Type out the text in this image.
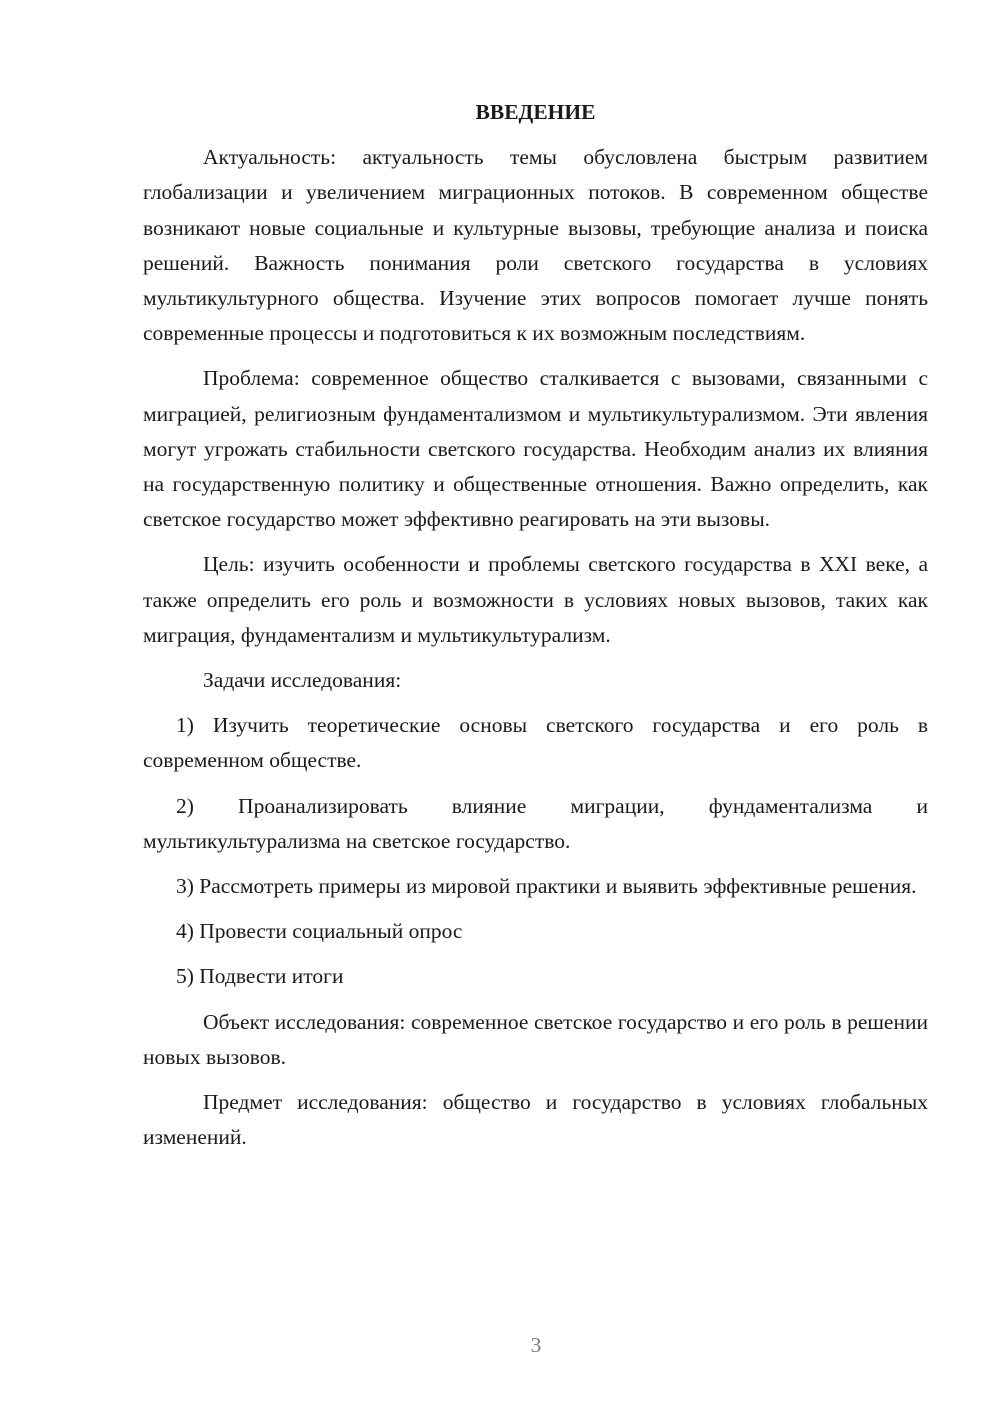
ВВЕДЕНИЕ

Актуальность: актуальность темы обусловлена быстрым развитием глобализации и увеличением миграционных потоков. В современном обществе возникают новые социальные и культурные вызовы, требующие анализа и поиска решений. Важность понимания роли светского государства в условиях мультикультурного общества. Изучение этих вопросов помогает лучше понять современные процессы и подготовиться к их возможным последствиям.

Проблема: современное общество сталкивается с вызовами, связанными с миграцией, религиозным фундаментализмом и мультикультурализмом. Эти явления могут угрожать стабильности светского государства. Необходим анализ их влияния на государственную политику и общественные отношения. Важно определить, как светское государство может эффективно реагировать на эти вызовы.

Цель: изучить особенности и проблемы светского государства в XXI веке, а также определить его роль и возможности в условиях новых вызовов, таких как миграция, фундаментализм и мультикультурализм.

Задачи исследования:

1) Изучить теоретические основы светского государства и его роль в современном обществе.

2) Проанализировать влияние миграции, фундаментализма и мультикультурализма на светское государство.

3) Рассмотреть примеры из мировой практики и выявить эффективные решения.

4) Провести социальный опрос

5) Подвести итоги

Объект исследования: современное светское государство и его роль в решении новых вызовов.

Предмет исследования: общество и государство в условиях глобальных изменений.

3
